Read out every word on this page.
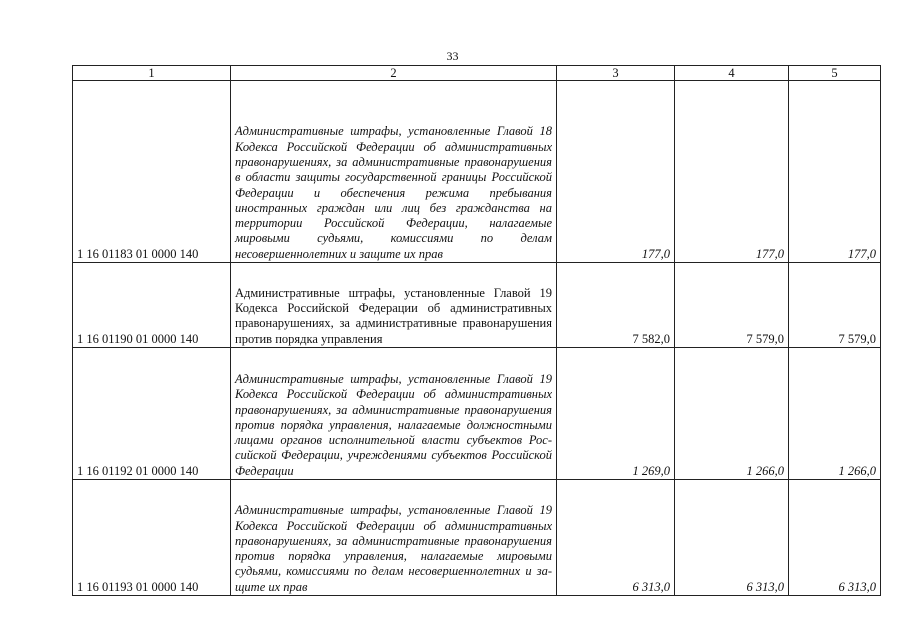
33
1	2	3	4	5
1 16 01183 01 0000 140	Административные штрафы, установленные Главой 18 Кодекса Российской Федерации об административных правонарушениях, за административные правонарушения в области защиты государственной границы Российской Федерации и обеспечения режима пребывания иностранных граждан или лиц без гражданства на территории Российской Федерации, налагаемые мировыми судьями, комиссиями по делам несовершеннолетних и защите их прав	177,0	177,0	177,0
1 16 01190 01 0000 140	Административные штрафы, установленные Главой 19 Кодекса Российской Федерации об административных правонарушениях, за административные правонарушения против порядка управления	7 582,0	7 579,0	7 579,0
1 16 01192 01 0000 140	Административные штрафы, установленные Главой 19 Кодекса Российской Федерации об административных правонарушениях, за административные правонарушения против порядка управления, налагаемые должностными лицами органов исполнительной власти субъектов Российской Федерации, учреждениями субъектов Российской Федерации	1 269,0	1 266,0	1 266,0
1 16 01193 01 0000 140	Административные штрафы, установленные Главой 19 Кодекса Российской Федерации об административных правонарушениях, за административные правонарушения против порядка управления, налагаемые мировыми судьями, комиссиями по делам несовершеннолетних и защите их прав	6 313,0	6 313,0	6 313,0
